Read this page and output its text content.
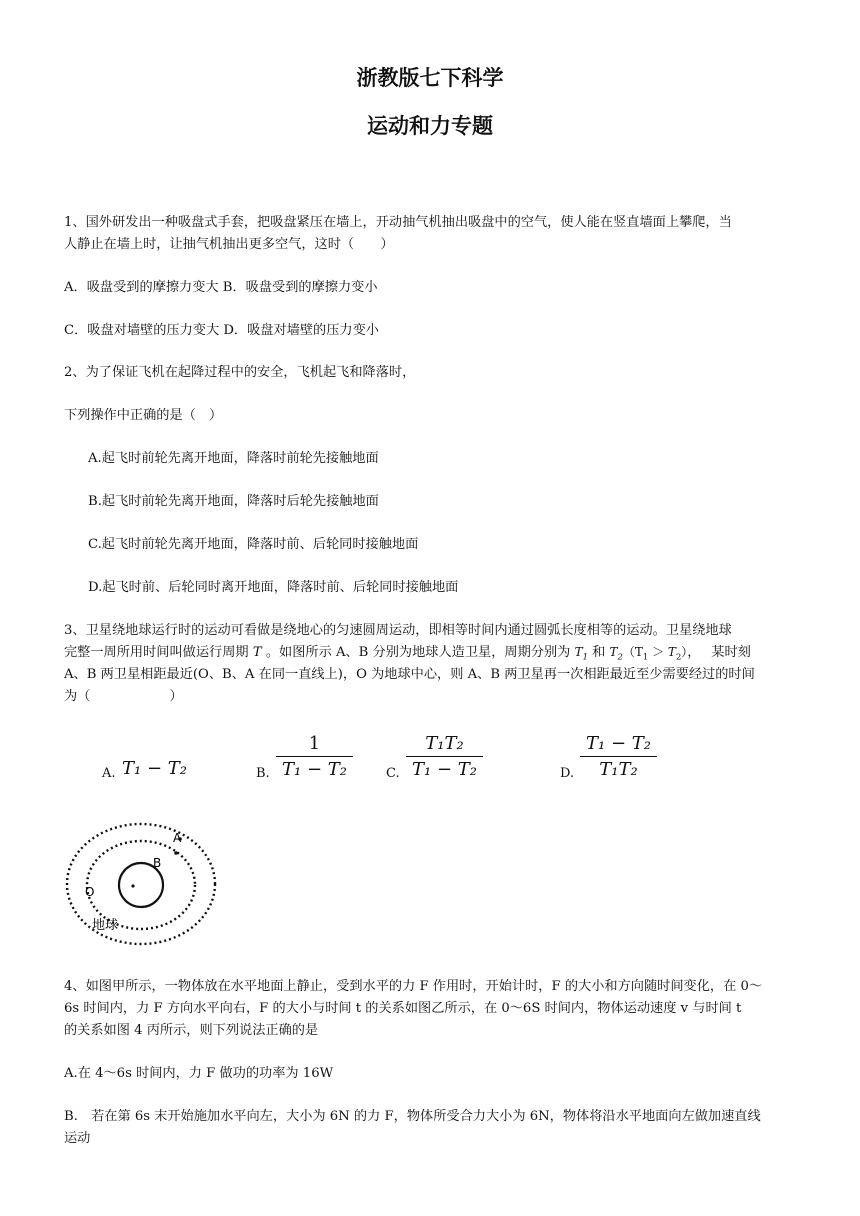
浙教版七下科学
运动和力专题
1、国外研发出一种吸盘式手套，把吸盘紧压在墙上，开动抽气机抽出吸盘中的空气，使人能在竖直墙面上攀爬，当
人静止在墙上时，让抽气机抽出更多空气，这时（　　）
A．吸盘受到的摩擦力变大 B．吸盘受到的摩擦力变小
C．吸盘对墙壁的压力变大 D．吸盘对墙壁的压力变小
2、为了保证飞机在起降过程中的安全，飞机起飞和降落时，
下列操作中正确的是（　）
A.起飞时前轮先离开地面，降落时前轮先接触地面
B.起飞时前轮先离开地面，降落时后轮先接触地面
C.起飞时前轮先离开地面，降落时前、后轮同时接触地面
D.起飞时前、后轮同时离开地面，降落时前、后轮同时接触地面
3、卫星绕地球运行时的运动可看做是绕地心的匀速圆周运动，即相等时间内通过圆弧长度相等的运动。卫星绕地球
完整一周所用时间叫做运行周期 T 。如图所示 A、B 分别为地球人造卫星，周期分别为 $T_1$ 和 $T_2(T_1 > T_2)$，　 某时刻
A、B 两卫星相距最近(O、B、A 在同一直线上)，O 为地球中心，则 A、B 两卫星再一次相距最近至少需要经过的时间
为（　　　　　　）
A. T₁ − T₂	B.
1
T₁ − T₂	C.
T₁T₂
T₁ − T₂	D.
T₁ − T₂
T₁T₂
A
B
O
地球
4、如图甲所示，一物体放在水平地面上静止，受到水平的力 F 作用时，开始计时，F 的大小和方向随时间变化，在 0～
6s 时间内，力 F 方向水平向右，F 的大小与时间 t 的关系如图乙所示，在 0～6S 时间内，物体运动速度 v 与时间 t
的关系如图 4 丙所示，则下列说法正确的是
A.在 4～6s 时间内，力 F 做功的功率为 16W
B.　若在第 6s 末开始施加水平向左，大小为 6N 的力 F，物体所受合力大小为 6N，物体将沿水平地面向左做加速直线
运动
